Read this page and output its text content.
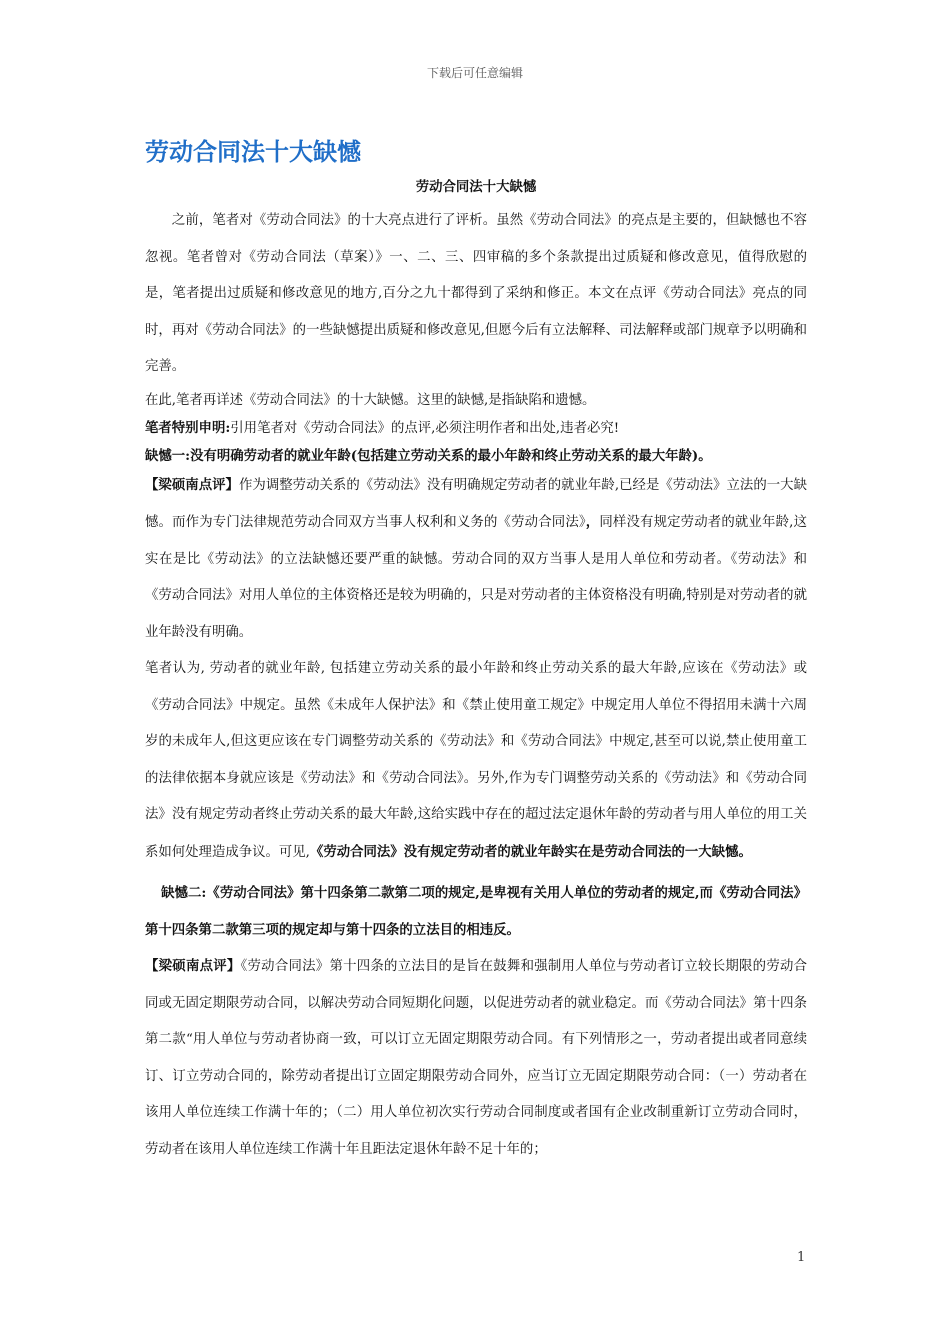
下载后可任意编辑
劳动合同法十大缺憾

劳动合同法十大缺憾

之前，笔者对《劳动合同法》的十大亮点进行了评析。虽然《劳动合同法》的亮点是主要的，但缺憾也不容忽视。笔者曾对《劳动合同法（草案）》一、二、三、四审稿的多个条款提出过质疑和修改意见，值得欣慰的是，笔者提出过质疑和修改意见的地方,百分之九十都得到了采纳和修正。本文在点评《劳动合同法》亮点的同时，再对《劳动合同法》的一些缺憾提出质疑和修改意见,但愿今后有立法解释、司法解释或部门规章予以明确和完善。

在此,笔者再详述《劳动合同法》的十大缺憾。这里的缺憾,是指缺陷和遗憾。

笔者特别申明:引用笔者对《劳动合同法》的点评,必须注明作者和出处,违者必究!

缺憾一:没有明确劳动者的就业年龄(包括建立劳动关系的最小年龄和终止劳动关系的最大年龄)。

【梁硕南点评】作为调整劳动关系的《劳动法》没有明确规定劳动者的就业年龄,已经是《劳动法》立法的一大缺憾。而作为专门法律规范劳动合同双方当事人权利和义务的《劳动合同法》，同样没有规定劳动者的就业年龄,这实在是比《劳动法》的立法缺憾还要严重的缺憾。劳动合同的双方当事人是用人单位和劳动者。《劳动法》和《劳动合同法》对用人单位的主体资格还是较为明确的，只是对劳动者的主体资格没有明确,特别是对劳动者的就业年龄没有明确。

笔者认为, 劳动者的就业年龄, 包括建立劳动关系的最小年龄和终止劳动关系的最大年龄,应该在《劳动法》或《劳动合同法》中规定。虽然《未成年人保护法》和《禁止使用童工规定》中规定用人单位不得招用未满十六周岁的未成年人,但这更应该在专门调整劳动关系的《劳动法》和《劳动合同法》中规定,甚至可以说,禁止使用童工的法律依据本身就应该是《劳动法》和《劳动合同法》。另外,作为专门调整劳动关系的《劳动法》和《劳动合同法》没有规定劳动者终止劳动关系的最大年龄,这给实践中存在的超过法定退休年龄的劳动者与用人单位的用工关系如何处理造成争议。可见,《劳动合同法》没有规定劳动者的就业年龄实在是劳动合同法的一大缺憾。

缺憾二:《劳动合同法》第十四条第二款第二项的规定,是卑视有关用人单位的劳动者的规定,而《劳动合同法》第十四条第二款第三项的规定却与第十四条的立法目的相违反。

【梁硕南点评】《劳动合同法》第十四条的立法目的是旨在鼓舞和强制用人单位与劳动者订立较长期限的劳动合同或无固定期限劳动合同，以解决劳动合同短期化问题，以促进劳动者的就业稳定。而《劳动合同法》第十四条第二款“用人单位与劳动者协商一致，可以订立无固定期限劳动合同。有下列情形之一，劳动者提出或者同意续订、订立劳动合同的，除劳动者提出订立固定期限劳动合同外，应当订立无固定期限劳动合同：（一）劳动者在该用人单位连续工作满十年的；（二）用人单位初次实行劳动合同制度或者国有企业改制重新订立劳动合同时，劳动者在该用人单位连续工作满十年且距法定退休年龄不足十年的；

1
